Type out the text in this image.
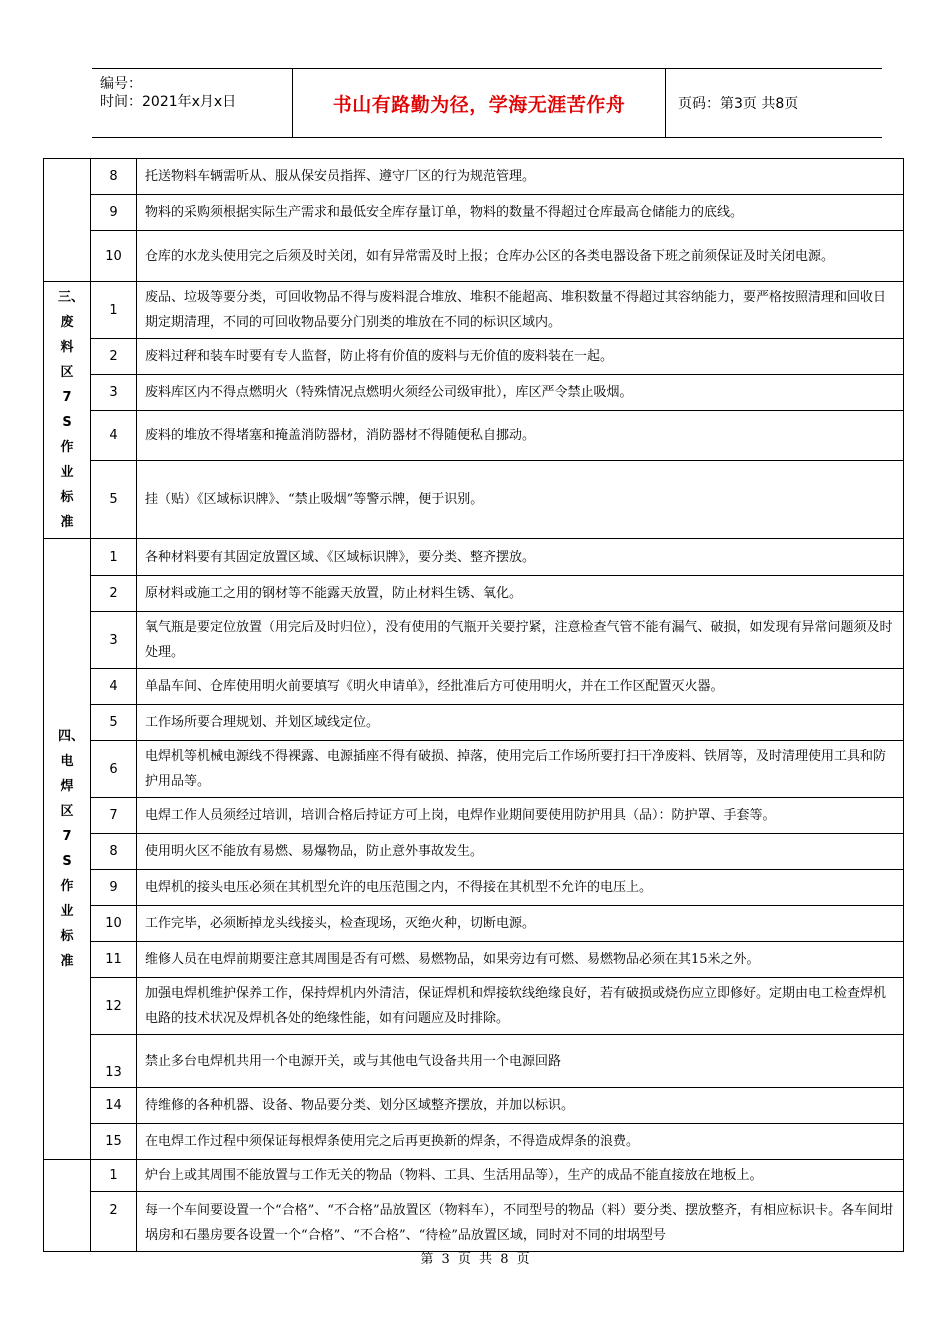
编号：
时间：2021年x月x日	书山有路勤为径，学海无涯苦作舟	页码：第3页 共8页
	8	托送物料车辆需听从、服从保安员指挥、遵守厂区的行为规范管理。
	9	物料的采购须根据实际生产需求和最低安全库存量订单，物料的数量不得超过仓库最高仓储能力的底线。
	10	仓库的水龙头使用完之后须及时关闭，如有异常需及时上报；仓库办公区的各类电器设备下班之前须保证及时关闭电源。
三、废料区7S作业标准	1	废品、垃圾等要分类，可回收物品不得与废料混合堆放、堆积不能超高、堆积数量不得超过其容纳能力，要严格按照清理和回收日期定期清理，不同的可回收物品要分门别类的堆放在不同的标识区域内。
	2	废料过秤和装车时要有专人监督，防止将有价值的废料与无价值的废料装在一起。
	3	废料库区内不得点燃明火（特殊情况点燃明火须经公司级审批），库区严令禁止吸烟。
	4	废料的堆放不得堵塞和掩盖消防器材，消防器材不得随便私自挪动。
	5	挂（贴）《区域标识牌》、“禁止吸烟”等警示牌，便于识别。
四、电焊区7S作业标准	1	各种材料要有其固定放置区域、《区域标识牌》，要分类、整齐摆放。
	2	原材料或施工之用的钢材等不能露天放置，防止材料生锈、氧化。
	3	氧气瓶是要定位放置（用完后及时归位），没有使用的气瓶开关要拧紧，注意检查气管不能有漏气、破损，如发现有异常问题须及时处理。
	4	单晶车间、仓库使用明火前要填写《明火申请单》，经批准后方可使用明火，并在工作区配置灭火器。
	5	工作场所要合理规划、并划区域线定位。
	6	电焊机等机械电源线不得裸露、电源插座不得有破损、掉落，使用完后工作场所要打扫干净废料、铁屑等，及时清理使用工具和防护用品等。
	7	电焊工作人员须经过培训，培训合格后持证方可上岗，电焊作业期间要使用防护用具（品）：防护罩、手套等。
	8	使用明火区不能放有易燃、易爆物品，防止意外事故发生。
	9	电焊机的接头电压必须在其机型允许的电压范围之内，不得接在其机型不允许的电压上。
	10	工作完毕，必须断掉龙头线接头，检查现场，灭绝火种，切断电源。
	11	维修人员在电焊前期要注意其周围是否有可燃、易燃物品，如果旁边有可燃、易燃物品必须在其15米之外。
	12	加强电焊机维护保养工作，保持焊机内外清洁，保证焊机和焊接软线绝缘良好，若有破损或烧伤应立即修好。定期由电工检查焊机电路的技术状况及焊机各处的绝缘性能，如有问题应及时排除。
	13	禁止多台电焊机共用一个电源开关，或与其他电气设备共用一个电源回路
	14	待维修的各种机器、设备、物品要分类、划分区域整齐摆放，并加以标识。
	15	在电焊工作过程中须保证每根焊条使用完之后再更换新的焊条，不得造成焊条的浪费。
	1	炉台上或其周围不能放置与工作无关的物品（物料、工具、生活用品等），生产的成品不能直接放在地板上。
	2	每一个车间要设置一个“合格”、“不合格”品放置区（物料车），不同型号的物品（料）要分类、摆放整齐，有相应标识卡。各车间坩埚房和石墨房要各设置一个“合格”、“不合格”、“待检”品放置区域，同时对不同的坩埚型号
第 3 页 共 8 页
